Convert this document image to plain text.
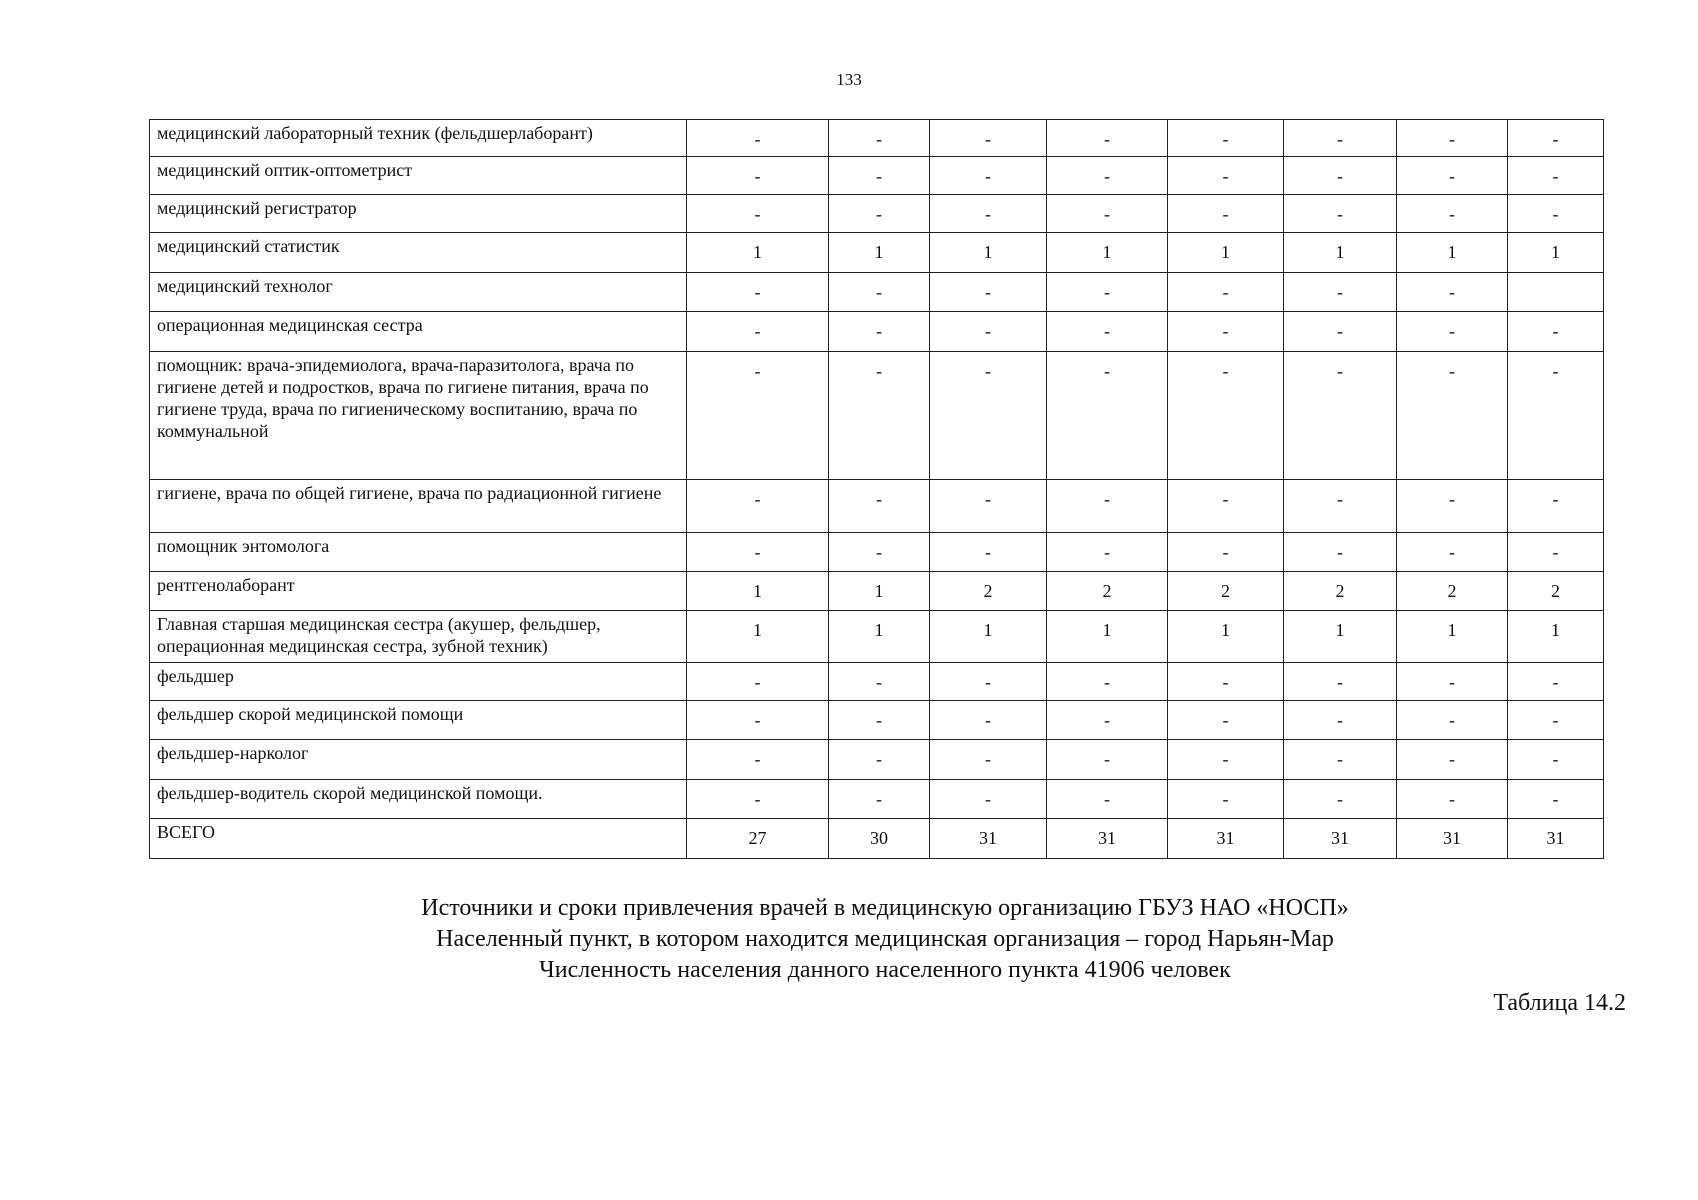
133
медицинский лабораторный техник (фельдшерлаборант)	-	-	-	-	-	-	-	-
медицинский оптик-оптометрист	-	-	-	-	-	-	-	-
медицинский регистратор	-	-	-	-	-	-	-	-
медицинский статистик	1	1	1	1	1	1	1	1
медицинский технолог	-	-	-	-	-	-	-	
операционная медицинская сестра	-	-	-	-	-	-	-	-
помощник: врача-эпидемиолога, врача-паразитолога, врача по гигиене детей и подростков, врача по гигиене питания, врача по гигиене труда, врача по гигиеническому воспитанию, врача по коммунальной	-	-	-	-	-	-	-	-
гигиене, врача по общей гигиене, врача по радиационной гигиене	-	-	-	-	-	-	-	-
помощник энтомолога	-	-	-	-	-	-	-	-
рентгенолаборант	1	1	2	2	2	2	2	2
Главная старшая медицинская сестра (акушер, фельдшер, операционная медицинская сестра, зубной техник)	1	1	1	1	1	1	1	1
фельдшер	-	-	-	-	-	-	-	-
фельдшер скорой медицинской помощи	-	-	-	-	-	-	-	-
фельдшер-нарколог	-	-	-	-	-	-	-	-
фельдшер-водитель скорой медицинской помощи.	-	-	-	-	-	-	-	-
ВСЕГО	27	30	31	31	31	31	31	31
Источники и сроки привлечения врачей в медицинскую организацию ГБУЗ НАО «НОСП»
Населенный пункт, в котором находится медицинская организация – город Нарьян-Мар
Численность населения данного населенного пункта 41906 человек
Таблица 14.2
